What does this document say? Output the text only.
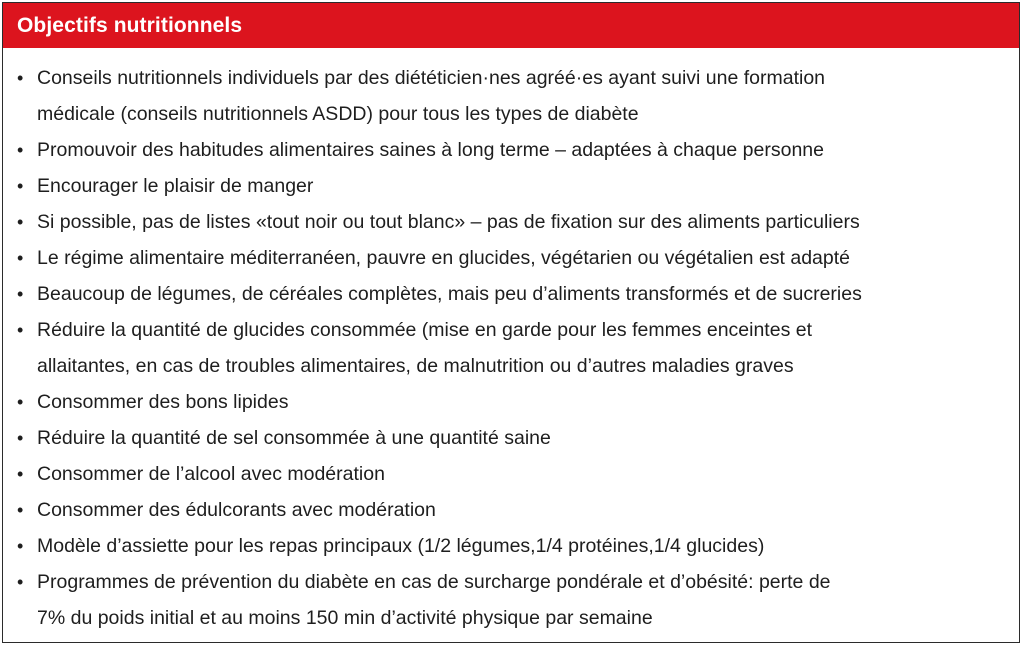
Objectifs nutritionnels
• Conseils nutritionnels individuels par des diététicien·nes agréé·es ayant suivi une formation
médicale (conseils nutritionnels ASDD) pour tous les types de diabète
• Promouvoir des habitudes alimentaires saines à long terme – adaptées à chaque personne
• Encourager le plaisir de manger
• Si possible, pas de listes «tout noir ou tout blanc» – pas de fixation sur des aliments particuliers
• Le régime alimentaire méditerranéen, pauvre en glucides, végétarien ou végétalien est adapté
• Beaucoup de légumes, de céréales complètes, mais peu d’aliments transformés et de sucreries
• Réduire la quantité de glucides consommée (mise en garde pour les femmes enceintes et
allaitantes, en cas de troubles alimentaires, de malnutrition ou d’autres maladies graves
• Consommer des bons lipides
• Réduire la quantité de sel consommée à une quantité saine
• Consommer de l’alcool avec modération
• Consommer des édulcorants avec modération
• Modèle d’assiette pour les repas principaux (1/2 légumes,1/4 protéines,1/4 glucides)
• Programmes de prévention du diabète en cas de surcharge pondérale et d’obésité: perte de
7% du poids initial et au moins 150 min d’activité physique par semaine
